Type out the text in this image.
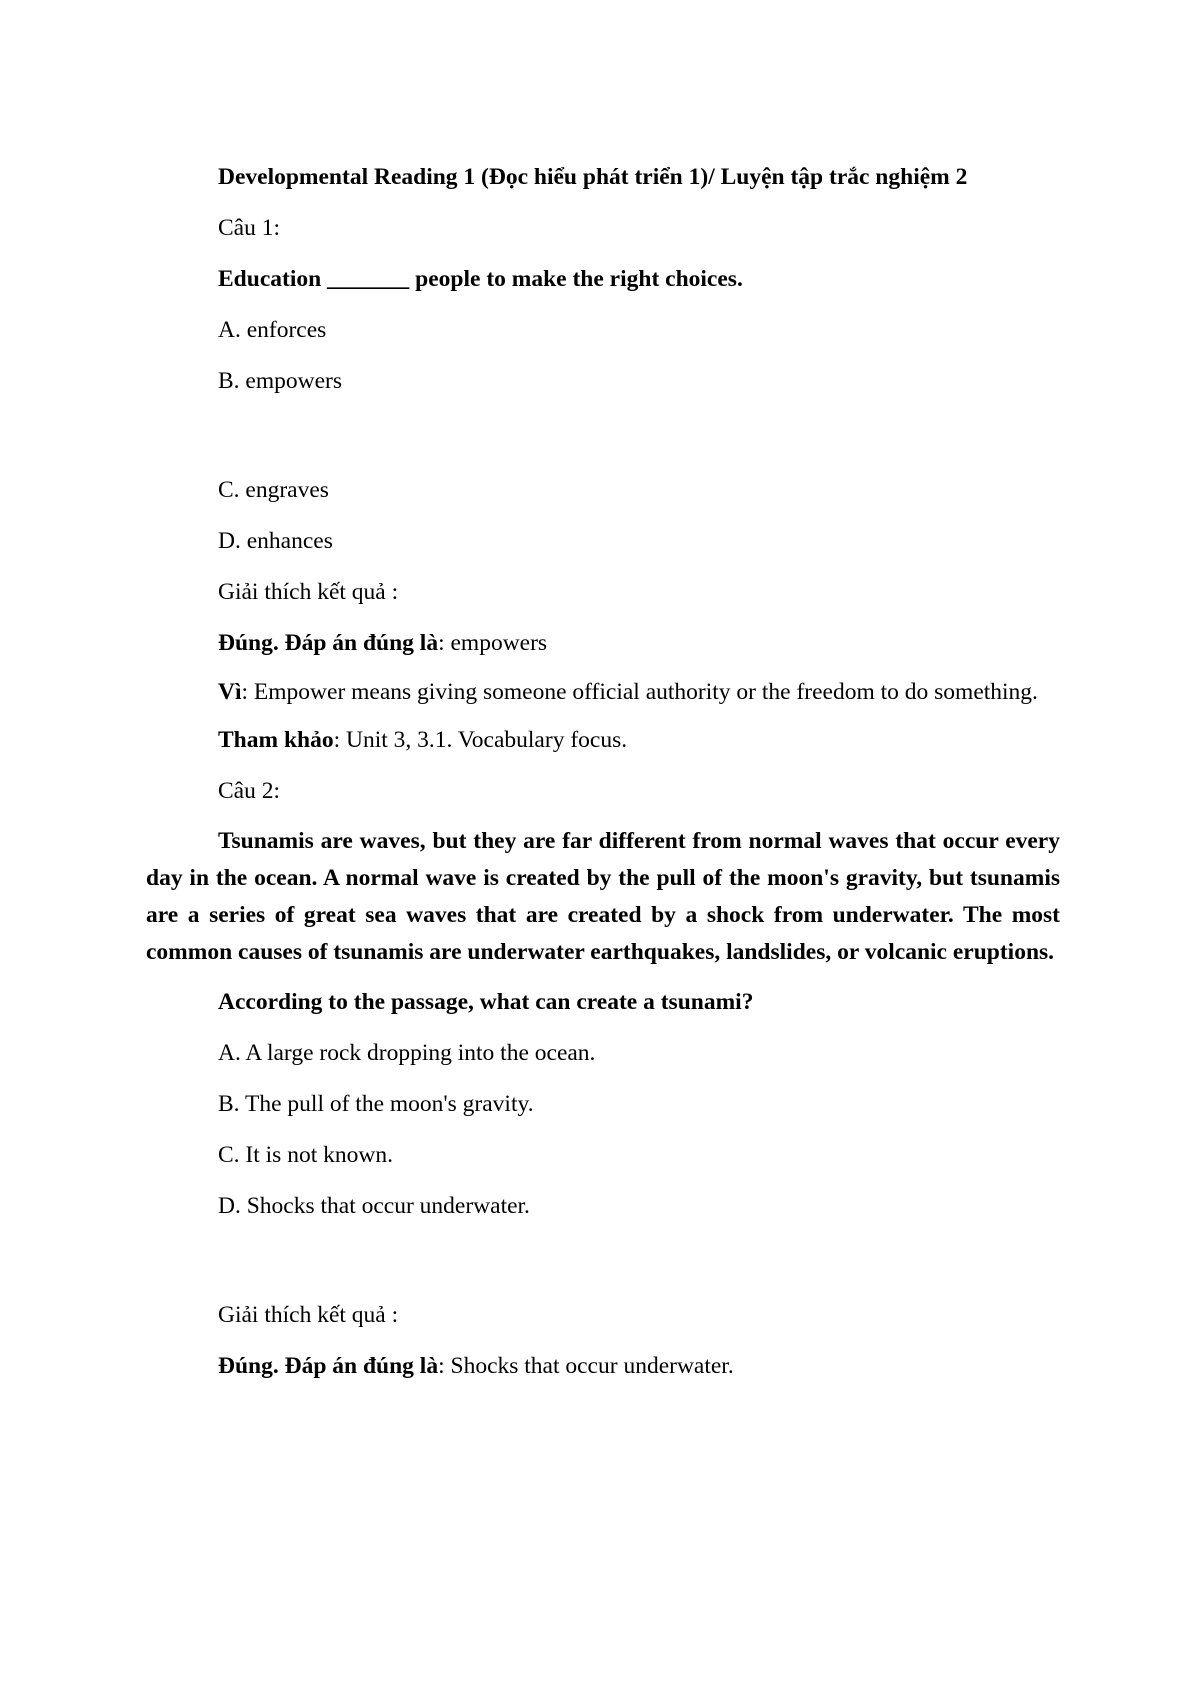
Developmental Reading 1 (Đọc hiểu phát triển 1)/ Luyện tập trắc nghiệm 2

Câu 1:

Education _______ people to make the right choices.

A. enforces

B. empowers

C. engraves

D. enhances

Giải thích kết quả :

Đúng. Đáp án đúng là: empowers

Vì: Empower means giving someone official authority or the freedom to do something.

Tham khảo: Unit 3, 3.1. Vocabulary focus.

Câu 2:

Tsunamis are waves, but they are far different from normal waves that occur every day in the ocean. A normal wave is created by the pull of the moon's gravity, but tsunamis are a series of great sea waves that are created by a shock from underwater. The most common causes of tsunamis are underwater earthquakes, landslides, or volcanic eruptions.

According to the passage, what can create a tsunami?

A. A large rock dropping into the ocean.

B. The pull of the moon's gravity.

C. It is not known.

D. Shocks that occur underwater.

Giải thích kết quả :

Đúng. Đáp án đúng là: Shocks that occur underwater.
